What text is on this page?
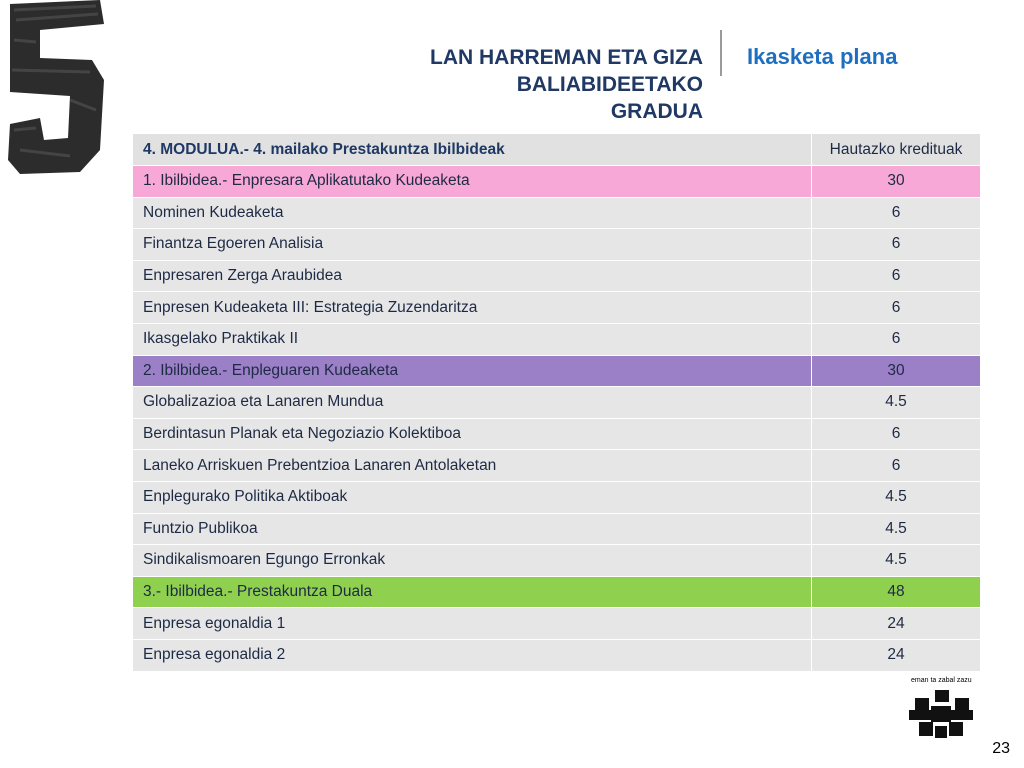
LAN HARREMAN ETA GIZA
BALIABIDEETAKO
GRADUA
Ikasketa plana
4. MODULUA.- 4. mailako Prestakuntza Ibilbideak	Hautazko kredituak
1. Ibilbidea.- Enpresara Aplikatutako Kudeaketa	30
Nominen Kudeaketa	6
Finantza Egoeren Analisia	6
Enpresaren Zerga Araubidea	6
Enpresen Kudeaketa III: Estrategia Zuzendaritza	6
Ikasgelako Praktikak II	6
2. Ibilbidea.- Enpleguaren Kudeaketa	30
Globalizazioa eta Lanaren Mundua	4.5
Berdintasun Planak eta Negoziazio Kolektiboa	6
Laneko Arriskuen Prebentzioa Lanaren Antolaketan	6
Enplegurako Politika Aktiboak	4.5
Funtzio Publikoa	4.5
Sindikalismoaren Egungo Erronkak	4.5
3.- Ibilbidea.- Prestakuntza Duala	48
Enpresa egonaldia 1	24
Enpresa egonaldia 2	24
eman ta zabal zazu
23
